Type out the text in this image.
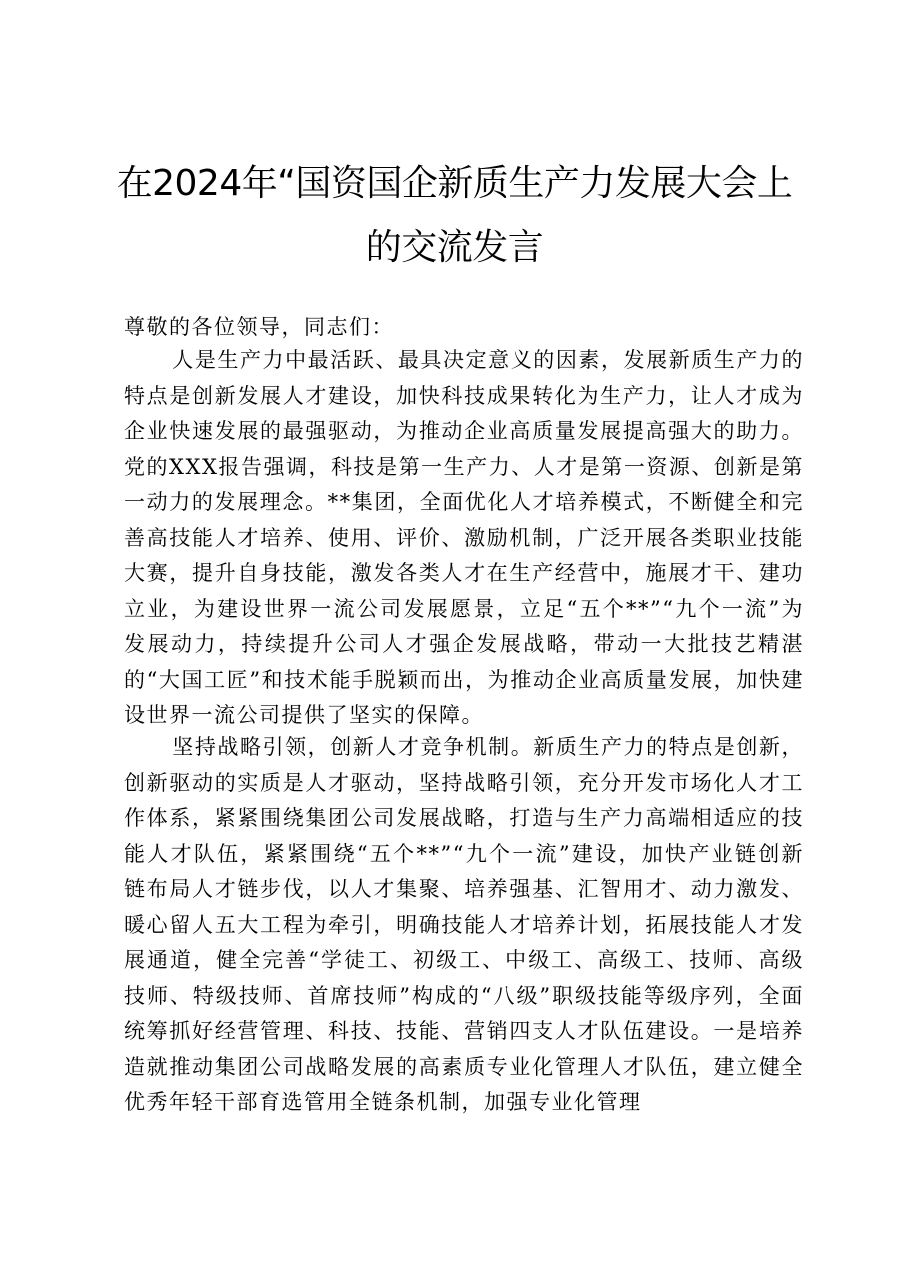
在2024年“国资国企新质生产力发展大会上
的交流发言
尊敬的各位领导，同志们：
人是生产力中最活跃、最具决定意义的因素，发展新质生产力的特点是创新发展人才建设，加快科技成果转化为生产力，让人才成为企业快速发展的最强驱动，为推动企业高质量发展提高强大的助力。党的XXX报告强调，科技是第一生产力、人才是第一资源、创新是第一动力的发展理念。**集团，全面优化人才培养模式，不断健全和完善高技能人才培养、使用、评价、激励机制，广泛开展各类职业技能大赛，提升自身技能，激发各类人才在生产经营中，施展才干、建功立业，为建设世界一流公司发展愿景，立足“五个**”“九个一流”为发展动力，持续提升公司人才强企发展战略，带动一大批技艺精湛的“大国工匠”和技术能手脱颖而出，为推动企业高质量发展，加快建设世界一流公司提供了坚实的保障。
坚持战略引领，创新人才竞争机制。新质生产力的特点是创新，创新驱动的实质是人才驱动，坚持战略引领，充分开发市场化人才工作体系，紧紧围绕集团公司发展战略，打造与生产力高端相适应的技能人才队伍，紧紧围绕“五个**”“九个一流”建设，加快产业链创新链布局人才链步伐，以人才集聚、培养强基、汇智用才、动力激发、暖心留人五大工程为牵引，明确技能人才培养计划，拓展技能人才发展通道，健全完善“学徒工、初级工、中级工、高级工、技师、高级技师、特级技师、首席技师”构成的“八级”职级技能等级序列，全面统筹抓好经营管理、科技、技能、营销四支人才队伍建设。一是培养造就推动集团公司战略发展的高素质专业化管理人才队伍，建立健全优秀年轻干部育选管用全链条机制，加强专业化管理
